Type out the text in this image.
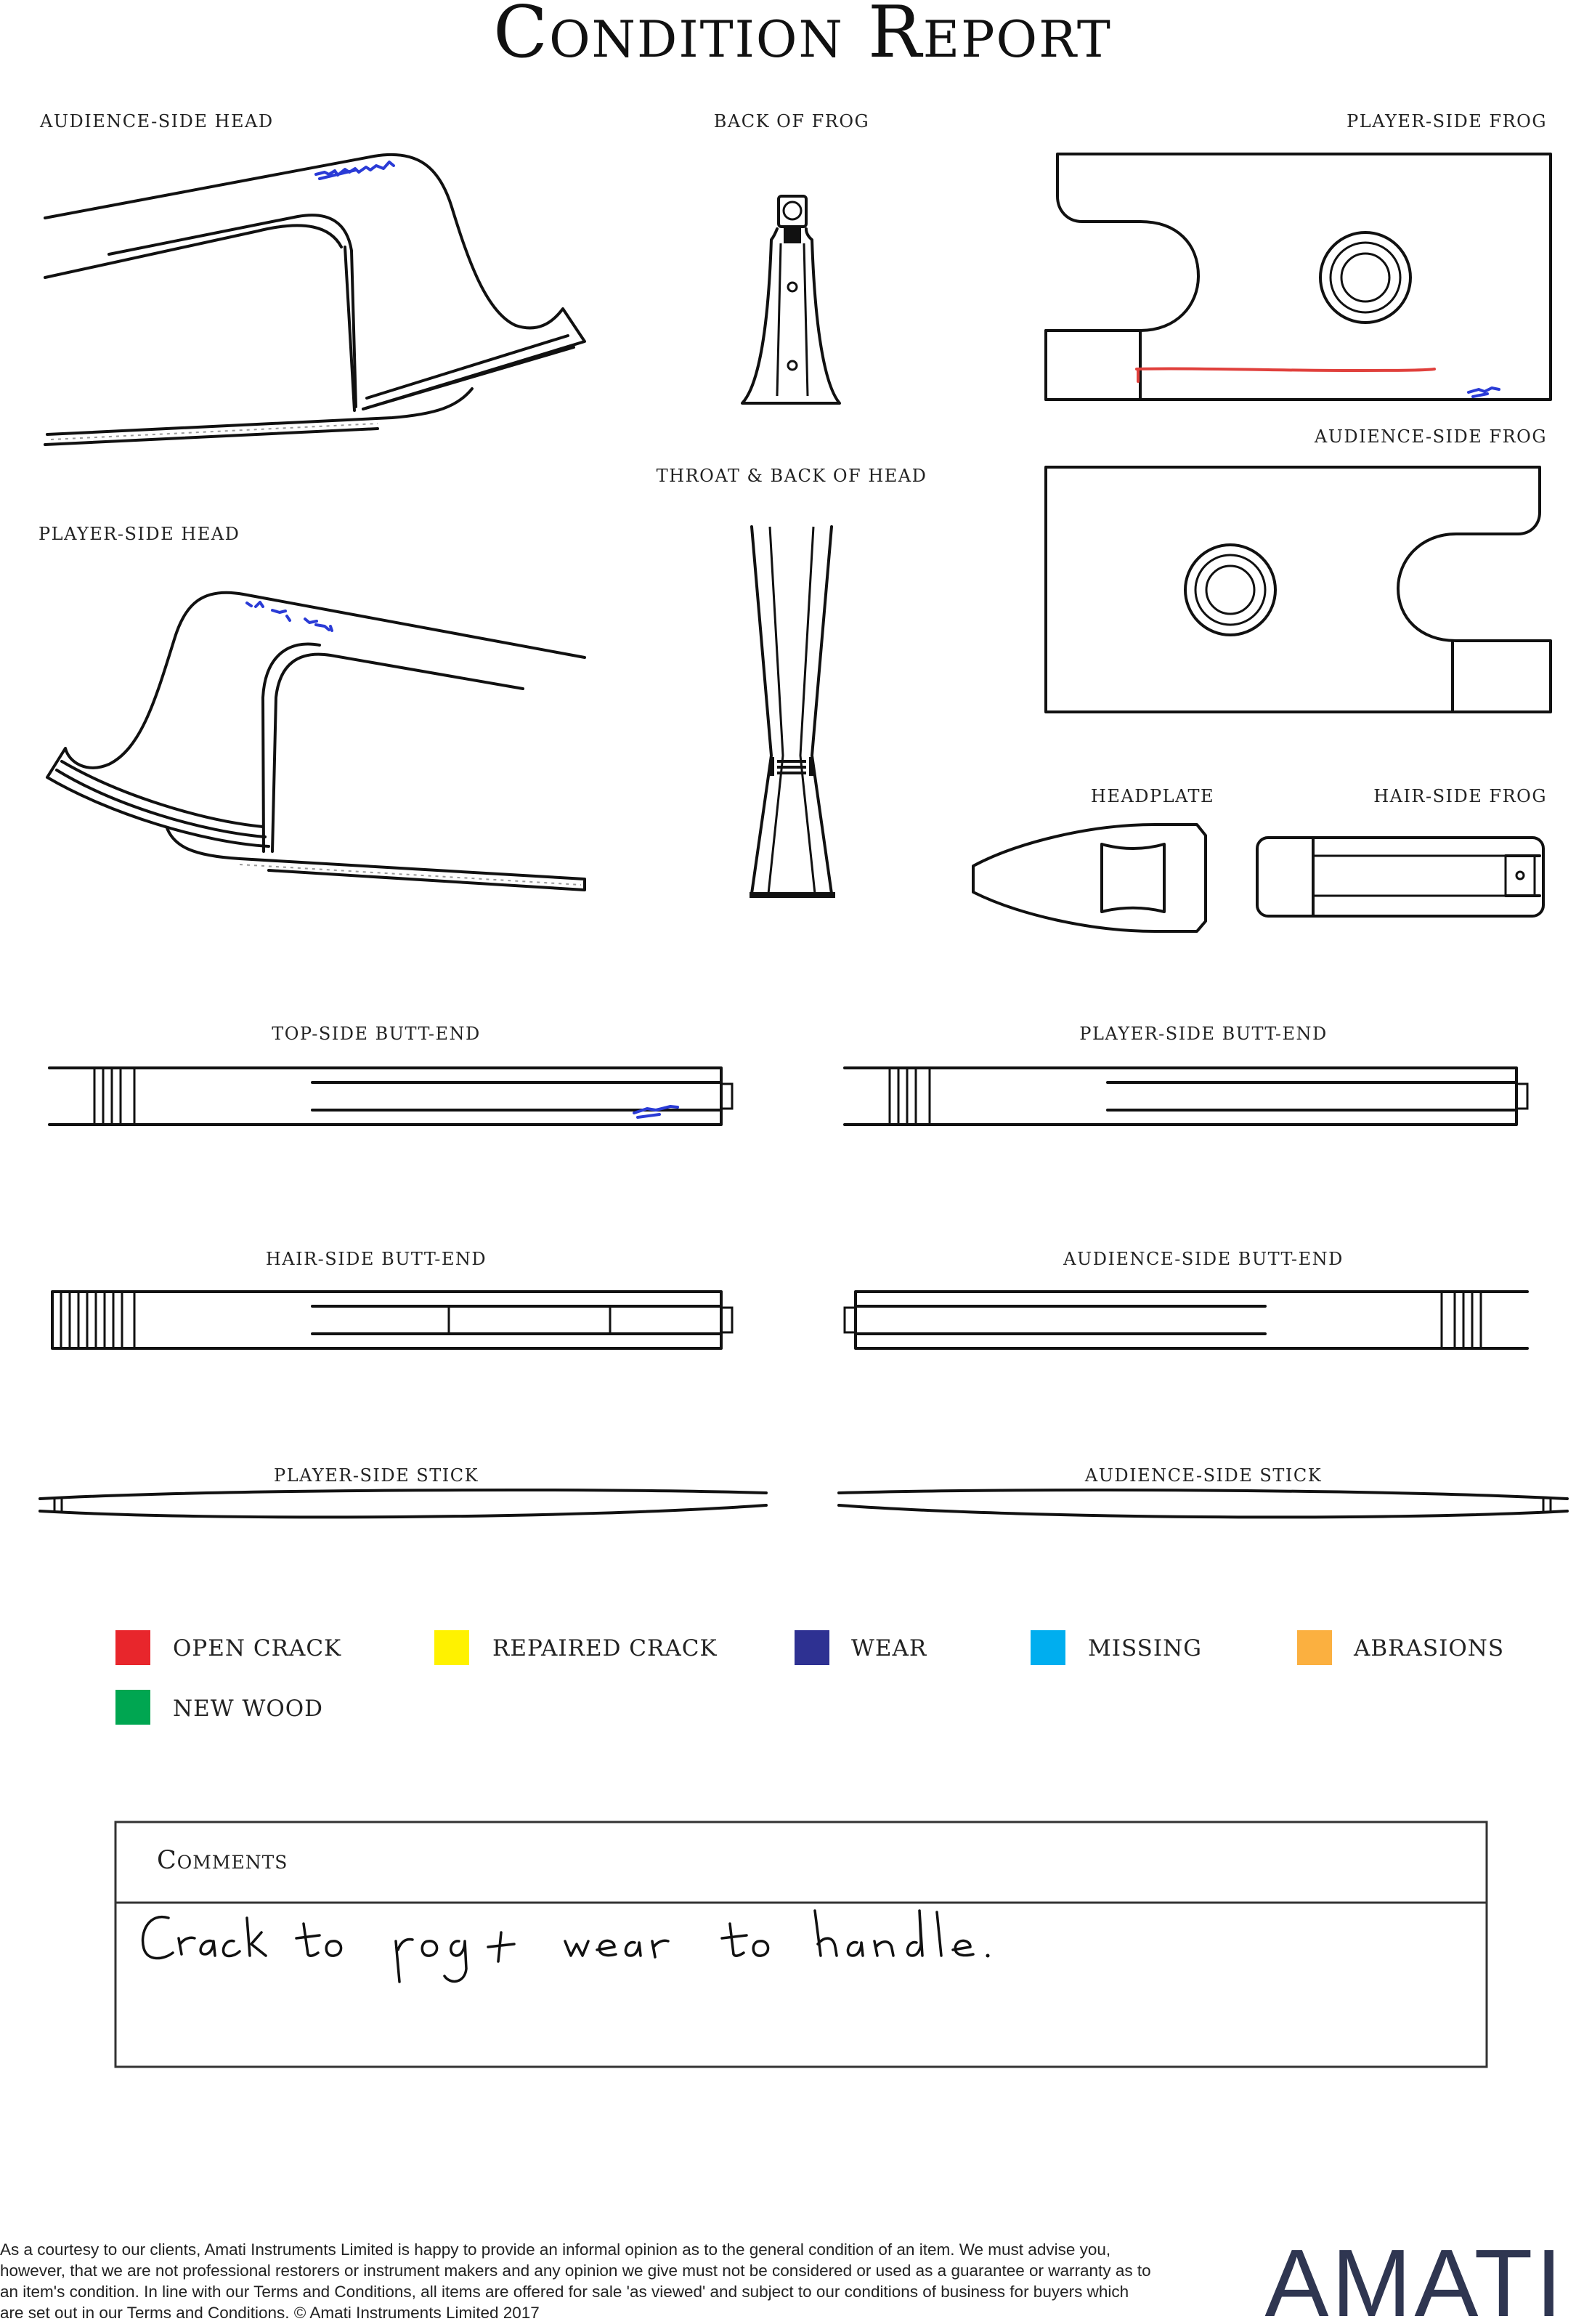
Condition Report
AUDIENCE-SIDE HEAD	BACK OF FROG	PLAYER-SIDE FROG
AUDIENCE-SIDE FROG
THROAT & BACK OF HEAD
PLAYER-SIDE HEAD
HEADPLATE	HAIR-SIDE FROG
TOP-SIDE BUTT-END	PLAYER-SIDE BUTT-END
HAIR-SIDE BUTT-END	AUDIENCE-SIDE BUTT-END
PLAYER-SIDE STICK	AUDIENCE-SIDE STICK
OPEN CRACK	REPAIRED CRACK	WEAR	MISSING	ABRASIONS
NEW WOOD
Comments
AMATI

As a courtesy to our clients, Amati Instruments Limited is happy to provide an informal opinion as to the general condition of an item. We must advise you, however, that we are not professional restorers or instrument makers and any opinion we give must not be considered or used as a guarantee or warranty as to an item's condition. In line with our Terms and Conditions, all items are offered for sale 'as viewed' and subject to our conditions of business for buyers which are set out in our Terms and Conditions. © Amati Instruments Limited 2017
